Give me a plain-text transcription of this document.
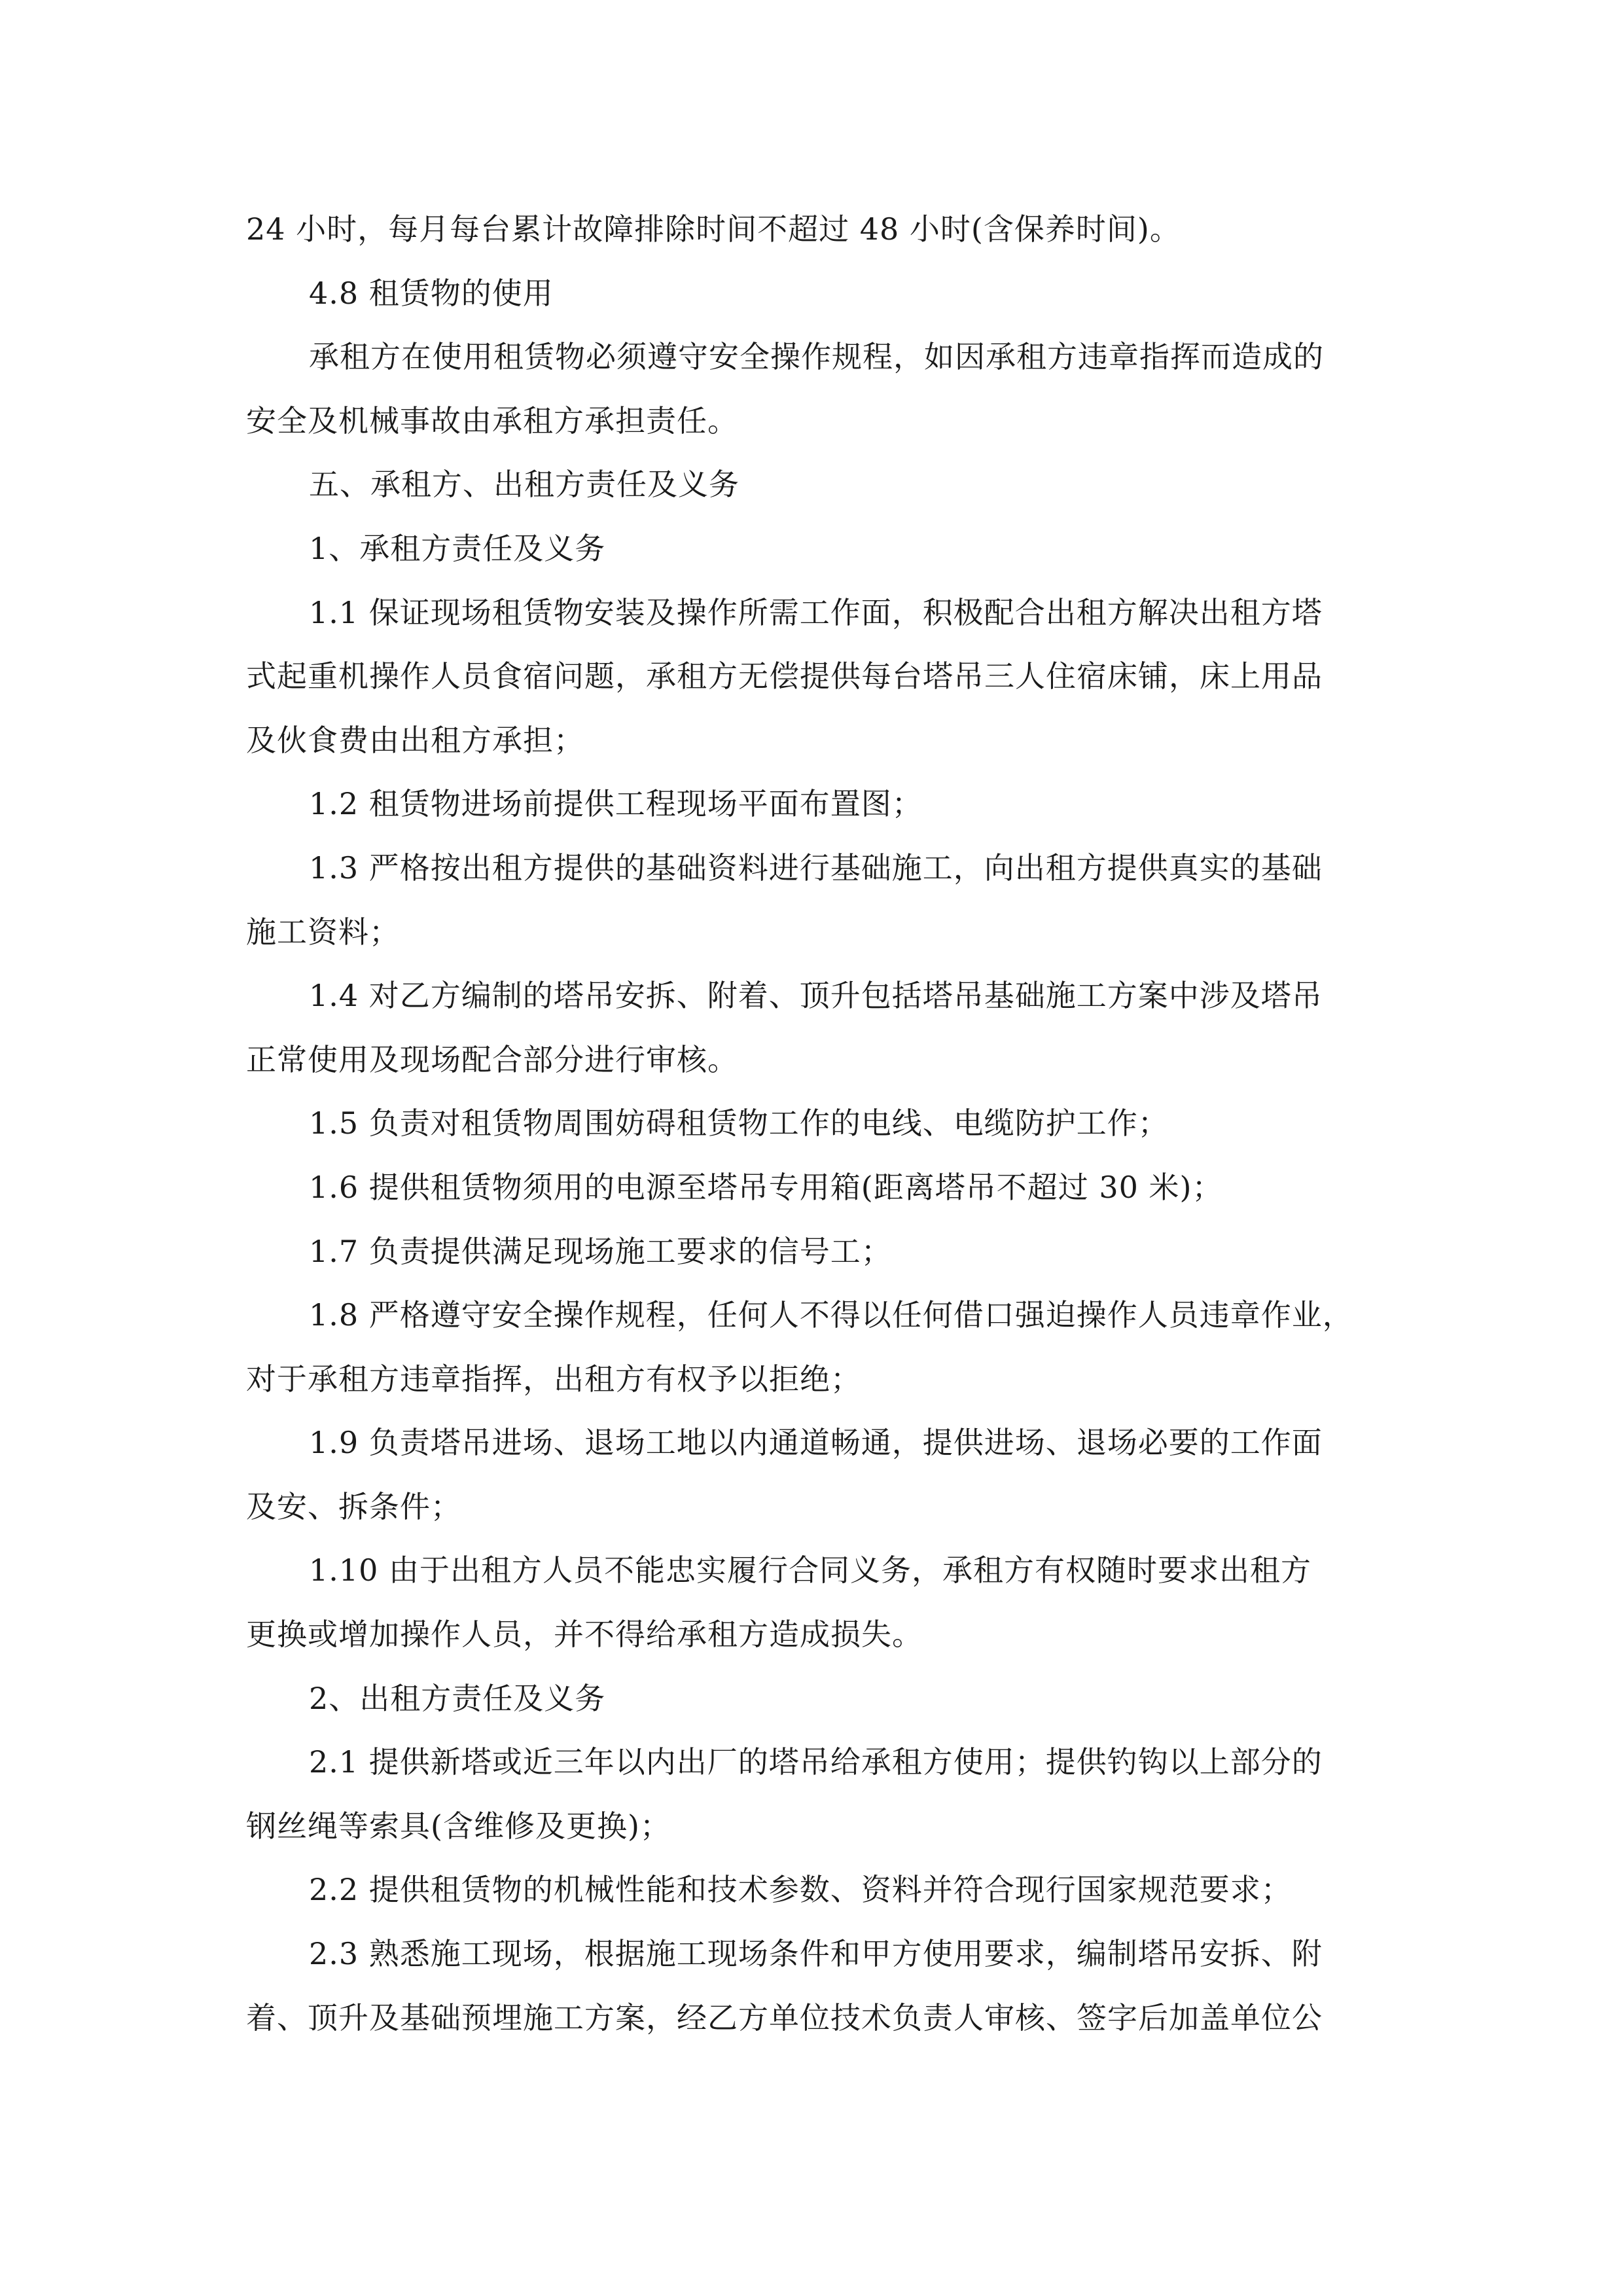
24 小时，每月每台累计故障排除时间不超过 48 小时(含保养时间)。
4.8 租赁物的使用
承租方在使用租赁物必须遵守安全操作规程，如因承租方违章指挥而造成的
安全及机械事故由承租方承担责任。
五、承租方、出租方责任及义务
1、承租方责任及义务
1.1 保证现场租赁物安装及操作所需工作面，积极配合出租方解决出租方塔
式起重机操作人员食宿问题，承租方无偿提供每台塔吊三人住宿床铺，床上用品
及伙食费由出租方承担；
1.2 租赁物进场前提供工程现场平面布置图；
1.3 严格按出租方提供的基础资料进行基础施工，向出租方提供真实的基础
施工资料；
1.4 对乙方编制的塔吊安拆、附着、顶升包括塔吊基础施工方案中涉及塔吊
正常使用及现场配合部分进行审核。
1.5 负责对租赁物周围妨碍租赁物工作的电线、电缆防护工作；
1.6 提供租赁物须用的电源至塔吊专用箱(距离塔吊不超过 30 米)；
1.7 负责提供满足现场施工要求的信号工；
1.8 严格遵守安全操作规程，任何人不得以任何借口强迫操作人员违章作业，
对于承租方违章指挥，出租方有权予以拒绝；
1.9 负责塔吊进场、退场工地以内通道畅通，提供进场、退场必要的工作面
及安、拆条件；
1.10 由于出租方人员不能忠实履行合同义务，承租方有权随时要求出租方
更换或增加操作人员，并不得给承租方造成损失。
2、出租方责任及义务
2.1 提供新塔或近三年以内出厂的塔吊给承租方使用；提供钓钩以上部分的
钢丝绳等索具(含维修及更换)；
2.2 提供租赁物的机械性能和技术参数、资料并符合现行国家规范要求；
2.3 熟悉施工现场，根据施工现场条件和甲方使用要求，编制塔吊安拆、附
着、顶升及基础预埋施工方案，经乙方单位技术负责人审核、签字后加盖单位公
